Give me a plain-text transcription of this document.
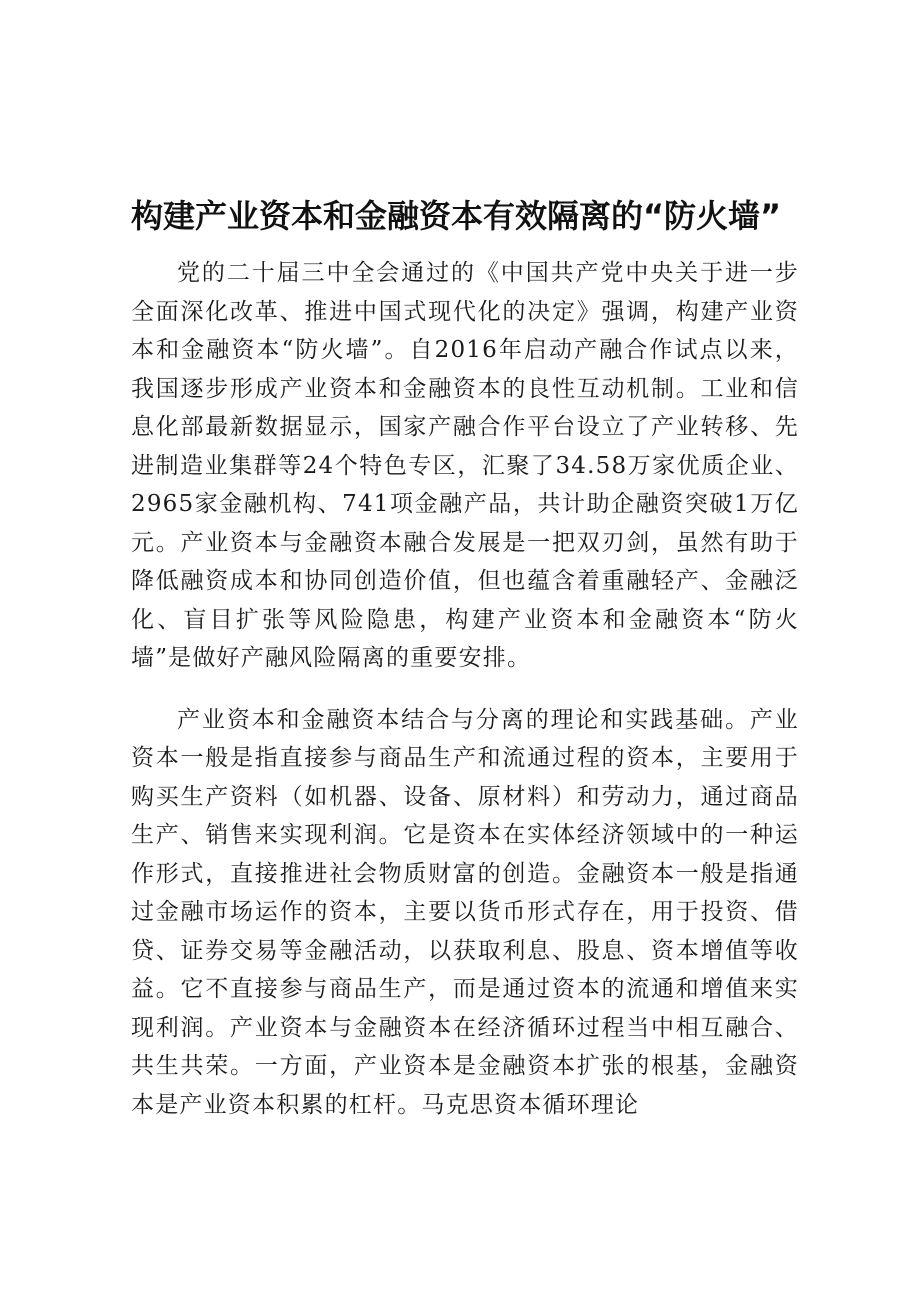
构建产业资本和金融资本有效隔离的“防火墙”

党的二十届三中全会通过的《中国共产党中央关于进一步全面深化改革、推进中国式现代化的决定》强调，构建产业资本和金融资本“防火墙”。自2016年启动产融合作试点以来，我国逐步形成产业资本和金融资本的良性互动机制。工业和信息化部最新数据显示，国家产融合作平台设立了产业转移、先进制造业集群等24个特色专区，汇聚了34.58万家优质企业、2965家金融机构、741项金融产品，共计助企融资突破1万亿元。产业资本与金融资本融合发展是一把双刃剑，虽然有助于降低融资成本和协同创造价值，但也蕴含着重融轻产、金融泛化、盲目扩张等风险隐患，构建产业资本和金融资本“防火墙”是做好产融风险隔离的重要安排。

产业资本和金融资本结合与分离的理论和实践基础。产业资本一般是指直接参与商品生产和流通过程的资本，主要用于购买生产资料（如机器、设备、原材料）和劳动力，通过商品生产、销售来实现利润。它是资本在实体经济领域中的一种运作形式，直接推进社会物质财富的创造。金融资本一般是指通过金融市场运作的资本，主要以货币形式存在，用于投资、借贷、证券交易等金融活动，以获取利息、股息、资本增值等收益。它不直接参与商品生产，而是通过资本的流通和增值来实现利润。产业资本与金融资本在经济循环过程当中相互融合、共生共荣。一方面，产业资本是金融资本扩张的根基，金融资本是产业资本积累的杠杆。马克思资本循环理论
